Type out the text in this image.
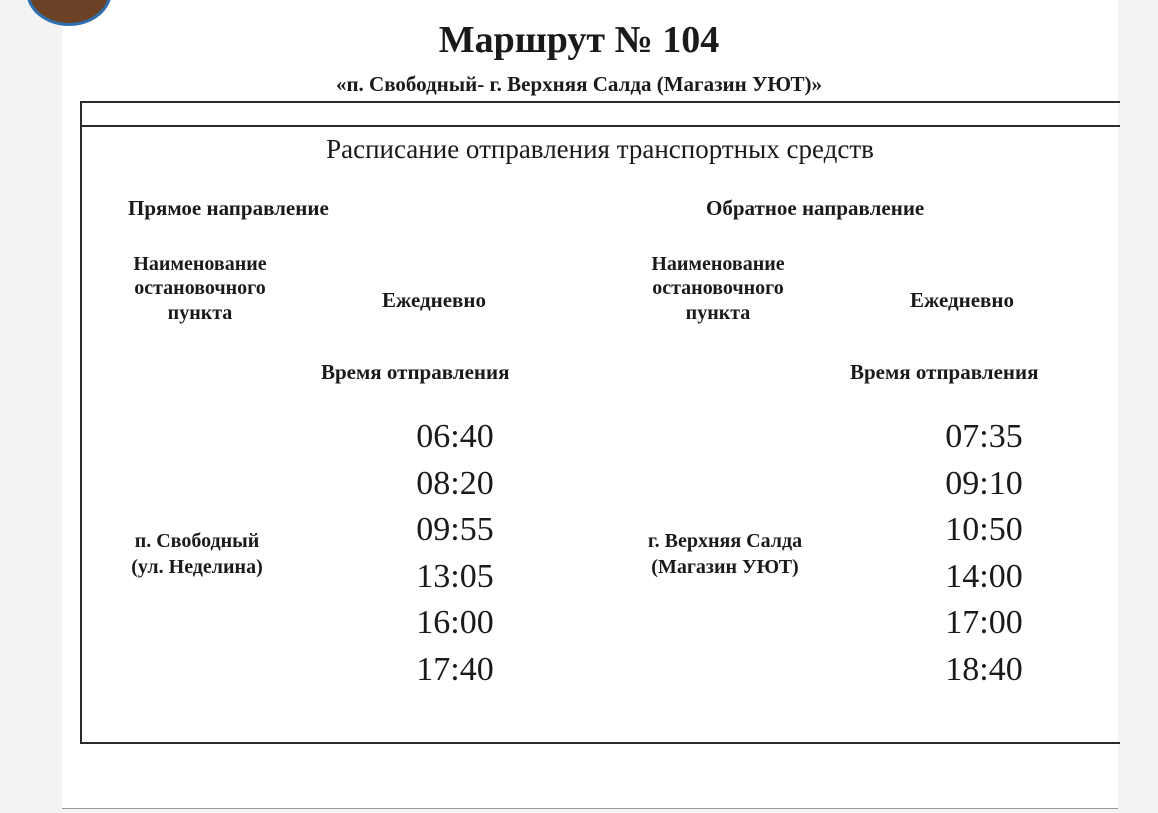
Маршрут № 104
«п. Свободный- г. Верхняя Салда (Магазин УЮТ)»
Расписание отправления транспортных средств
Прямое направление
Наименование
остановочного
пункта
Ежедневно
Время отправления
п. Свободный
(ул. Неделина)
06:40
08:20
09:55
13:05
16:00
17:40
Обратное направление
Наименование
остановочного
пункта
Ежедневно
Время отправления
г. Верхняя Салда
(Магазин УЮТ)
07:35
09:10
10:50
14:00
17:00
18:40
